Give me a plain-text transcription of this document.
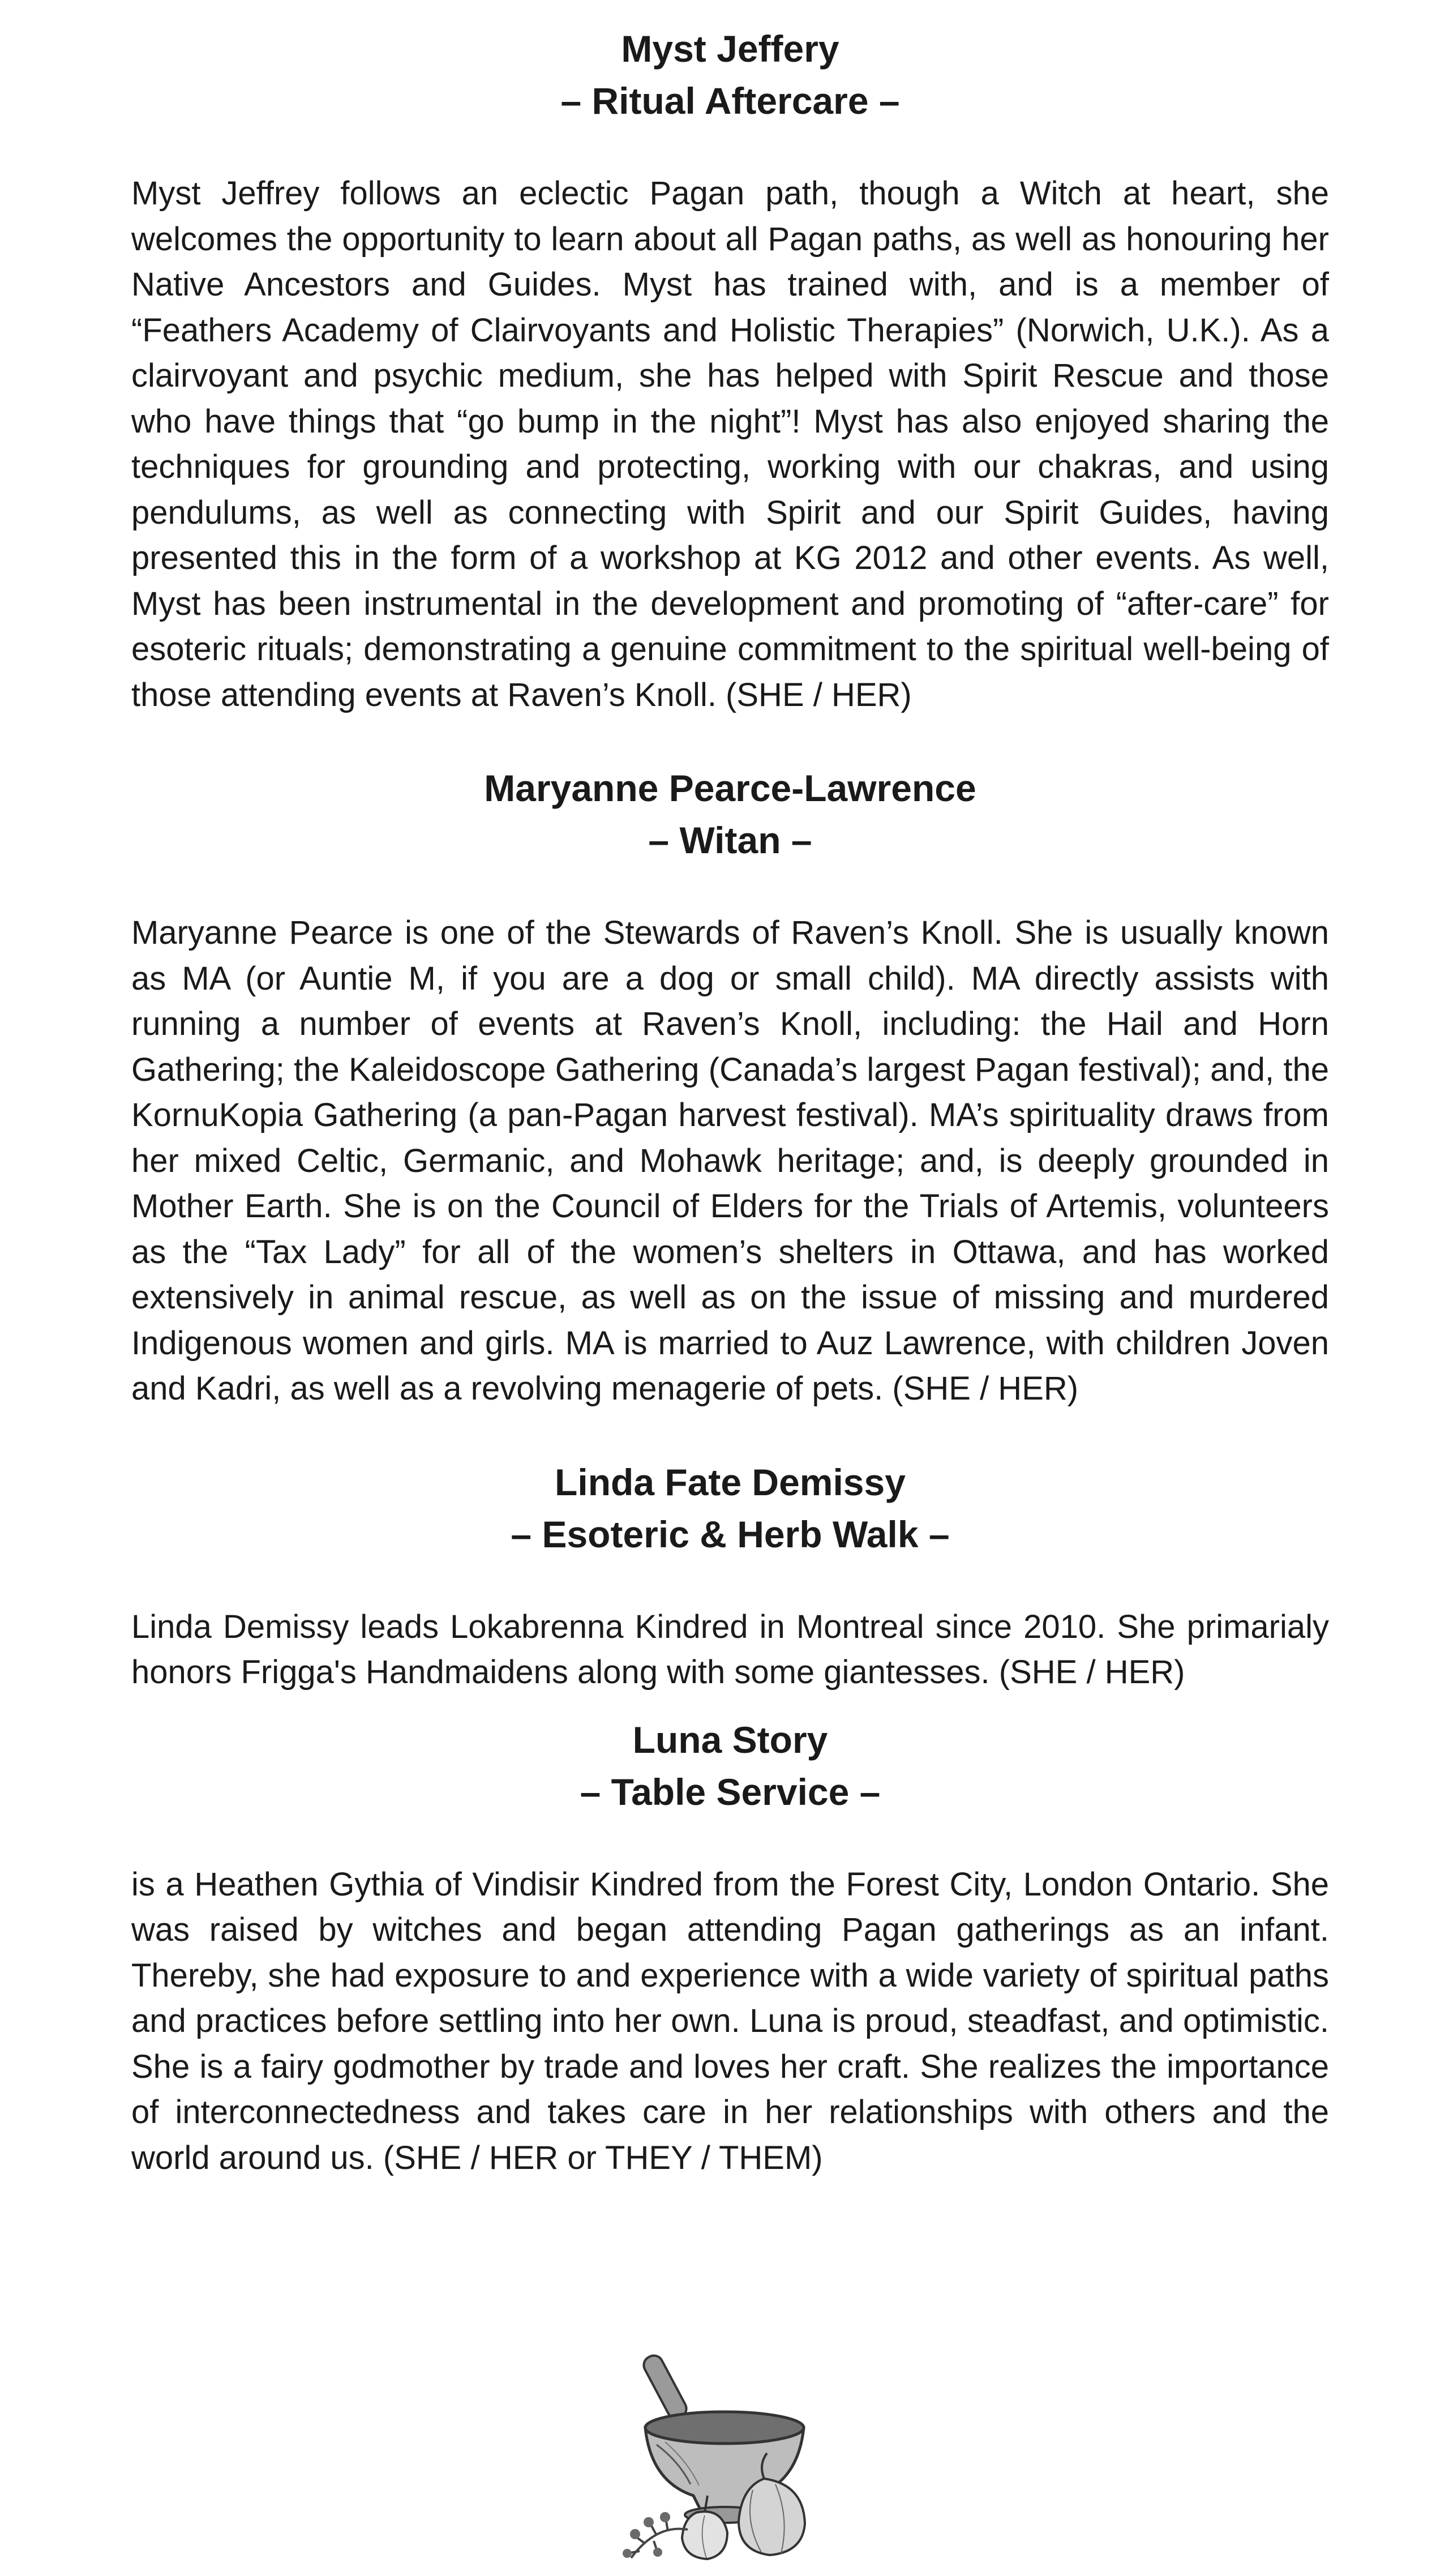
Myst Jeffery
– Ritual Aftercare –

Myst Jeffrey follows an eclectic Pagan path, though a Witch at heart, she welcomes the opportunity to learn about all Pagan paths, as well as honouring her Native Ancestors and Guides. Myst has trained with, and is a member of “Feathers Academy of Clairvoyants and Holistic Therapies” (Norwich, U.K.). As a clairvoyant and psychic medium, she has helped with Spirit Rescue and those who have things that “go bump in the night”! Myst has also enjoyed sharing the techniques for grounding and protecting, working with our chakras, and using pendulums, as well as connecting with Spirit and our Spirit Guides, having presented this in the form of a workshop at KG 2012 and other events. As well, Myst has been instrumental in the development and promoting of “after-care” for esoteric rituals; demonstrating a genuine commitment to the spiritual well-being of those attending events at Raven’s Knoll. (SHE / HER)

Maryanne Pearce-Lawrence
– Witan –

Maryanne Pearce is one of the Stewards of Raven’s Knoll. She is usually known as MA (or Auntie M, if you are a dog or small child). MA directly assists with running a number of events at Raven’s Knoll, including: the Hail and Horn Gathering; the Kaleidoscope Gathering (Canada’s largest Pagan festival); and, the KornuKopia Gathering (a pan-Pagan harvest festival). MA’s spirituality draws from her mixed Celtic, Germanic, and Mohawk heritage; and, is deeply grounded in Mother Earth. She is on the Council of Elders for the Trials of Artemis, volunteers as the “Tax Lady” for all of the women’s shelters in Ottawa, and has worked extensively in animal rescue, as well as on the issue of missing and murdered Indigenous women and girls. MA is married to Auz Lawrence, with children Joven and Kadri, as well as a revolving menagerie of pets. (SHE / HER)

Linda Fate Demissy
– Esoteric & Herb Walk –

Linda Demissy leads Lokabrenna Kindred in Montreal since 2010. She primarialy honors Frigga's Handmaidens along with some giantesses. (SHE / HER)

Luna Story
– Table Service –

is a Heathen Gythia of Vindisir Kindred from the Forest City, London Ontario. She was raised by witches and began attending Pagan gatherings as an infant. Thereby, she had exposure to and experience with a wide variety of spiritual paths and practices before settling into her own. Luna is proud, steadfast, and optimistic. She is a fairy godmother by trade and loves her craft. She realizes the importance of interconnectedness and takes care in her relationships with others and the world around us. (SHE / HER or THEY / THEM)
